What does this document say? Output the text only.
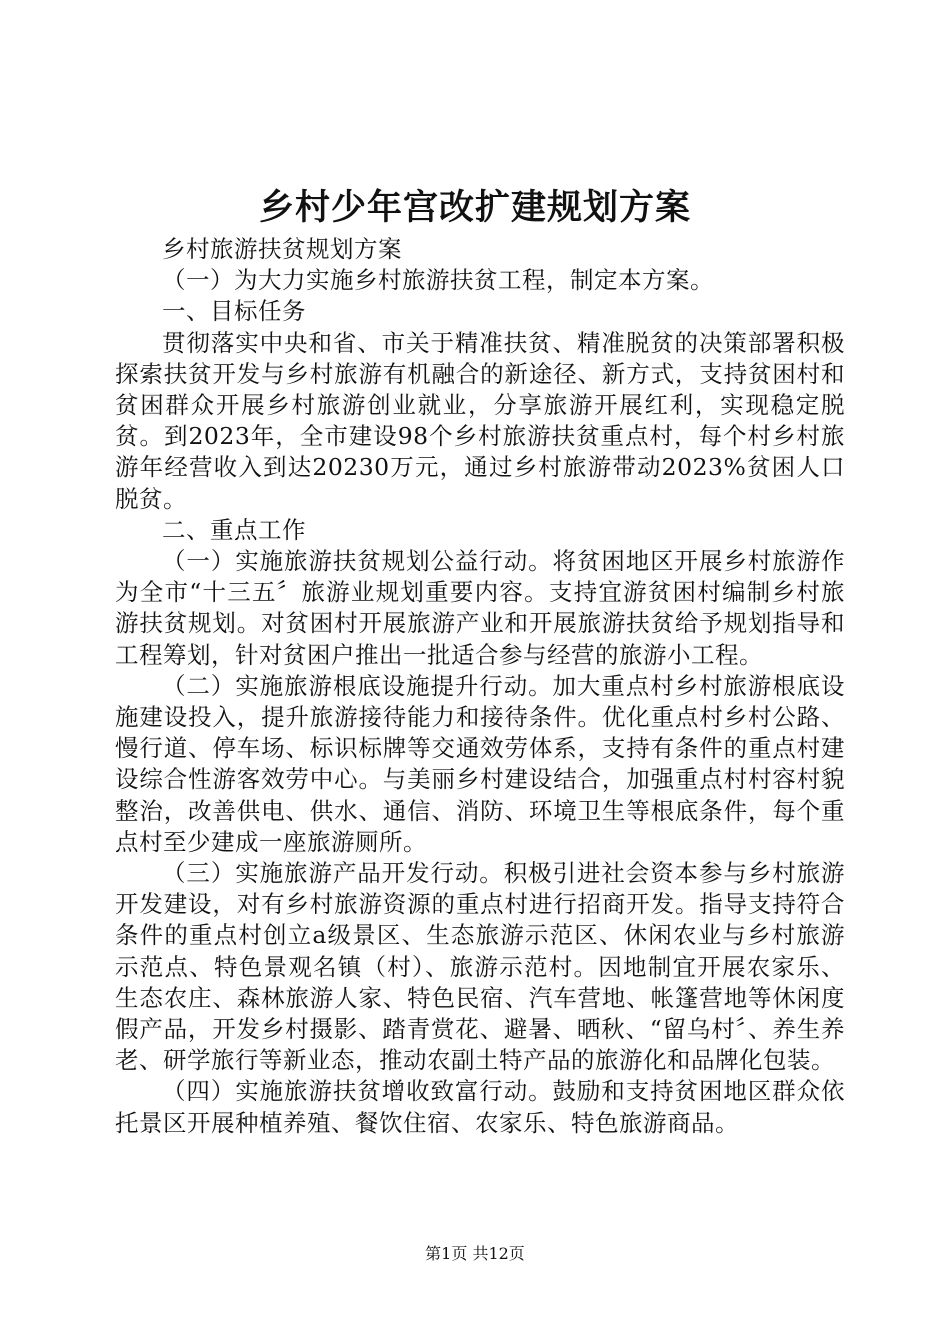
乡村少年宫改扩建规划方案

乡村旅游扶贫规划方案

（一）为大力实施乡村旅游扶贫工程，制定本方案。

一、目标任务

贯彻落实中央和省、市关于精准扶贫、精准脱贫的决策部署积极探索扶贫开发与乡村旅游有机融合的新途径、新方式，支持贫困村和贫困群众开展乡村旅游创业就业，分享旅游开展红利，实现稳定脱贫。到2023年，全市建设98个乡村旅游扶贫重点村，每个村乡村旅游年经营收入到达20230万元，通过乡村旅游带动2023%贫困人口脱贫。

二、重点工作

（一）实施旅游扶贫规划公益行动。将贫困地区开展乡村旅游作为全市“十三五〞旅游业规划重要内容。支持宜游贫困村编制乡村旅游扶贫规划。对贫困村开展旅游产业和开展旅游扶贫给予规划指导和工程筹划，针对贫困户推出一批适合参与经营的旅游小工程。

（二）实施旅游根底设施提升行动。加大重点村乡村旅游根底设施建设投入，提升旅游接待能力和接待条件。优化重点村乡村公路、慢行道、停车场、标识标牌等交通效劳体系，支持有条件的重点村建设综合性游客效劳中心。与美丽乡村建设结合，加强重点村村容村貌整治，改善供电、供水、通信、消防、环境卫生等根底条件，每个重点村至少建成一座旅游厕所。

（三）实施旅游产品开发行动。积极引进社会资本参与乡村旅游开发建设，对有乡村旅游资源的重点村进行招商开发。指导支持符合条件的重点村创立a级景区、生态旅游示范区、休闲农业与乡村旅游示范点、特色景观名镇（村）、旅游示范村。因地制宜开展农家乐、生态农庄、森林旅游人家、特色民宿、汽车营地、帐篷营地等休闲度假产品，开发乡村摄影、踏青赏花、避暑、晒秋、“留乌村〞、养生养老、研学旅行等新业态，推动农副土特产品的旅游化和品牌化包装。

（四）实施旅游扶贫增收致富行动。鼓励和支持贫困地区群众依托景区开展种植养殖、餐饮住宿、农家乐、特色旅游商品。

第1页 共12页
